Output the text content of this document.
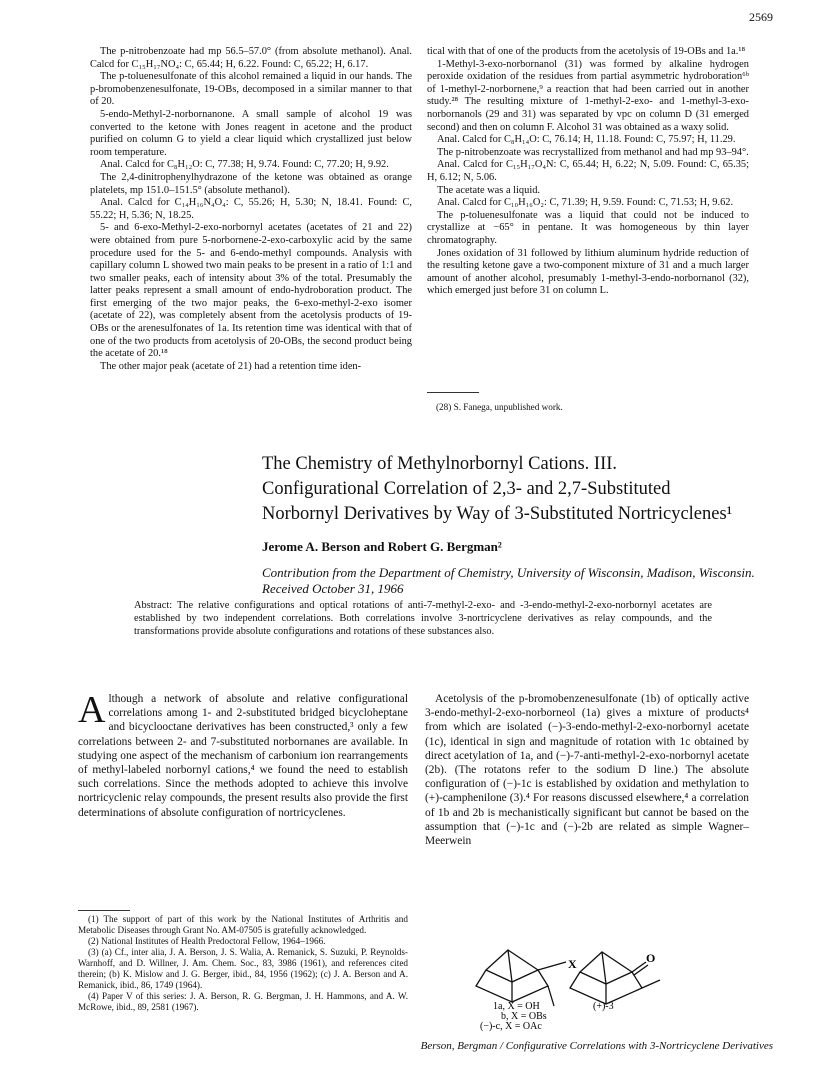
2569

The p-nitrobenzoate had mp 56.5–57.0° (from absolute methanol). Anal. Calcd for C₁₅H₁₇NO₄: C, 65.44; H, 6.22. Found: C, 65.22; H, 6.17.

The p-toluenesulfonate of this alcohol remained a liquid in our hands. The p-bromobenzenesulfonate, 19-OBs, decomposed in a similar manner to that of 20.

5-endo-Methyl-2-norbornanone. A small sample of alcohol 19 was converted to the ketone with Jones reagent in acetone and the product purified on column G to yield a clear liquid which crystallized just below room temperature.

Anal. Calcd for C₈H₁₂O: C, 77.38; H, 9.74. Found: C, 77.20; H, 9.92.

The 2,4-dinitrophenylhydrazone of the ketone was obtained as orange platelets, mp 151.0–151.5° (absolute methanol).

Anal. Calcd for C₁₄H₁₆N₄O₄: C, 55.26; H, 5.30; N, 18.41. Found: C, 55.22; H, 5.36; N, 18.25.

5- and 6-exo-Methyl-2-exo-norbornyl acetates (acetates of 21 and 22) were obtained from pure 5-norbornene-2-exo-carboxylic acid by the same procedure used for the 5- and 6-endo-methyl compounds. Analysis with capillary column L showed two main peaks to be present in a ratio of 1:1 and two smaller peaks, each of intensity about 3% of the total. Presumably the latter peaks represent a small amount of endo-hydroboration product. The first emerging of the two major peaks, the 6-exo-methyl-2-exo isomer (acetate of 22), was completely absent from the acetolysis products of 19-OBs or the arenesulfonates of 1a. Its retention time was identical with that of one of the two products from acetolysis of 20-OBs, the second product being the acetate of 20.¹⁸

The other major peak (acetate of 21) had a retention time iden-

tical with that of one of the products from the acetolysis of 19-OBs and 1a.¹⁸

1-Methyl-3-exo-norbornanol (31) was formed by alkaline hydrogen peroxide oxidation of the residues from partial asymmetric hydroboration⁶ᵇ of 1-methyl-2-norbornene,⁹ a reaction that had been carried out in another study.²⁸ The resulting mixture of 1-methyl-2-exo- and 1-methyl-3-exo-norbornanols (29 and 31) was separated by vpc on column D (31 emerged second) and then on column F. Alcohol 31 was obtained as a waxy solid.

Anal. Calcd for C₈H₁₄O: C, 76.14; H, 11.18. Found: C, 75.97; H, 11.29.

The p-nitrobenzoate was recrystallized from methanol and had mp 93–94°.

Anal. Calcd for C₁₅H₁₇O₄N: C, 65.44; H, 6.22; N, 5.09. Found: C, 65.35; H, 6.12; N, 5.06.

The acetate was a liquid.

Anal. Calcd for C₁₀H₁₆O₂: C, 71.39; H, 9.59. Found: C, 71.53; H, 9.62.

The p-toluenesulfonate was a liquid that could not be induced to crystallize at −65° in pentane. It was homogeneous by thin layer chromatography.

Jones oxidation of 31 followed by lithium aluminum hydride reduction of the resulting ketone gave a two-component mixture of 31 and a much larger amount of another alcohol, presumably 1-methyl-3-endo-norbornanol (32), which emerged just before 31 on column L.

(28) S. Fanega, unpublished work.

The Chemistry of Methylnorbornyl Cations. III.

Configurational Correlation of 2,3- and 2,7-Substituted

Norbornyl Derivatives by Way of 3-Substituted Nortricyclenes¹

Jerome A. Berson and Robert G. Bergman²
Contribution from the Department of Chemistry, University of Wisconsin, Madison, Wisconsin. Received October 31, 1966
Abstract: The relative configurations and optical rotations of anti-7-methyl-2-exo- and -3-endo-methyl-2-exo-norbornyl acetates are established by two independent correlations. Both correlations involve 3-nortricyclene derivatives as relay compounds, and the transformations provide absolute configurations and rotations of these substances also.
A lthough a network of absolute and relative configurational correlations among 1- and 2-substituted bridged bicycloheptane and bicyclooctane derivatives has been constructed,³ only a few correlations between 2- and 7-substituted norbornanes are available. In studying one aspect of the mechanism of carbonium ion rearrangements of methyl-labeled norbornyl cations,⁴ we found the need to establish such correlations. Since the methods adopted to achieve this involve nortricyclenic relay compounds, the present results also provide the first determinations of absolute configuration of nortricyclenes.

(1) The support of part of this work by the National Institutes of Arthritis and Metabolic Diseases through Grant No. AM-07505 is gratefully acknowledged.

(2) National Institutes of Health Predoctoral Fellow, 1964–1966.

(3) (a) Cf., inter alia, J. A. Berson, J. S. Walia, A. Remanick, S. Suzuki, P. Reynolds-Warnhoff, and D. Willner, J. Am. Chem. Soc., 83, 3986 (1961), and references cited therein; (b) K. Mislow and J. G. Berger, ibid., 84, 1956 (1962); (c) J. A. Berson and A. Remanick, ibid., 86, 1749 (1964).

(4) Paper V of this series: J. A. Berson, R. G. Bergman, J. H. Hammons, and A. W. McRowe, ibid., 89, 2581 (1967).

Acetolysis of the p-bromobenzenesulfonate (1b) of optically active 3-endo-methyl-2-exo-norborneol (1a) gives a mixture of products⁴ from which are isolated (−)-3-endo-methyl-2-exo-norbornyl acetate (1c), identical in sign and magnitude of rotation with 1c obtained by direct acetylation of 1a, and (−)-7-anti-methyl-2-exo-norbornyl acetate (2b). (The rotatons refer to the sodium D line.) The absolute configuration of (−)-1c is established by oxidation and methylation to (+)-camphenilone (3).⁴ For reasons discussed elsewhere,⁴ a correlation of 1b and 2b is mechanistically significant but cannot be based on the assumption that (−)-1c and (−)-2b are related as simple Wagner–Meerwein

X	O
1a, X = OH
b, X = OBs
(−)-c, X = OAc
(+)-3
Berson, Bergman / Configurative Correlations with 3-Nortricyclene Derivatives
